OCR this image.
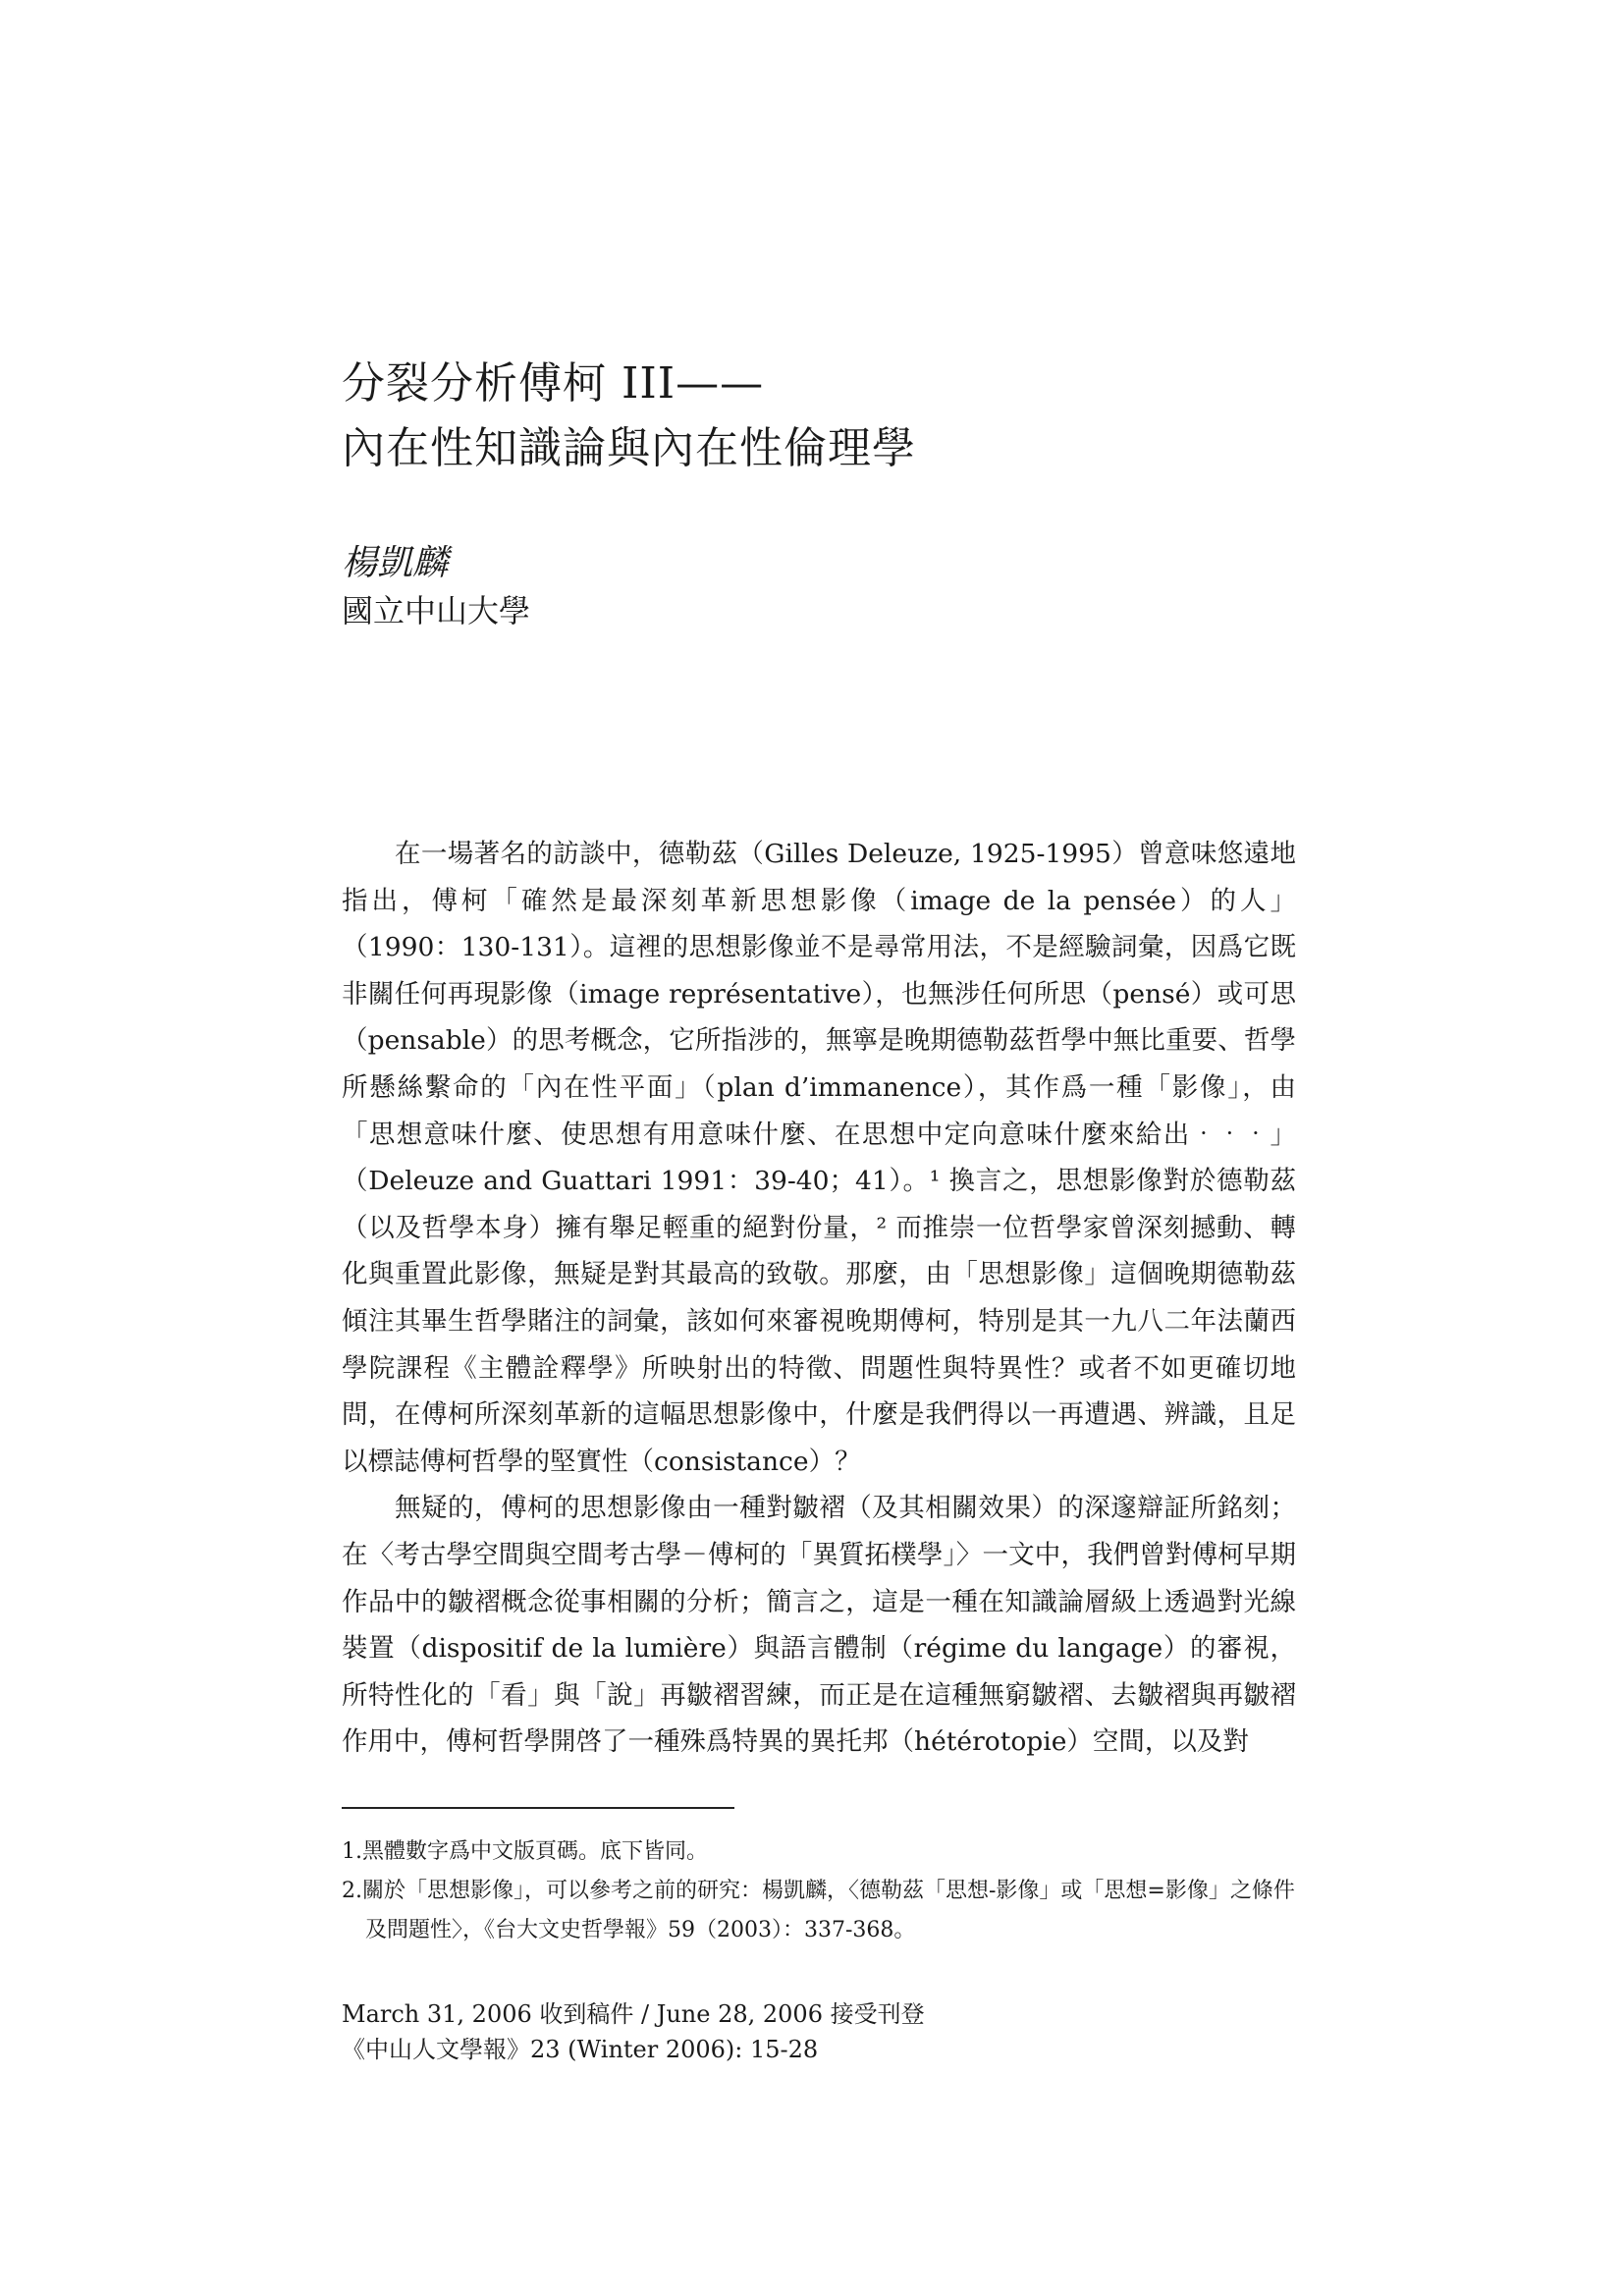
分裂分析傅柯 III——
內在性知識論與內在性倫理學
楊凱麟
國立中山大學

在一場著名的訪談中，德勒茲（Gilles Deleuze, 1925-1995）曾意味悠遠地指出，傅柯「確然是最深刻革新思想影像（image de la pensée）的人」（1990：130-131）。這裡的思想影像並不是尋常用法，不是經驗詞彙，因爲它既非關任何再現影像（image représentative），也無涉任何所思（pensé）或可思（pensable）的思考概念，它所指涉的，無寧是晚期德勒茲哲學中無比重要、哲學所懸絲繫命的「內在性平面」（plan d’immanence），其作爲一種「影像」，由「思想意味什麼、使思想有用意味什麼、在思想中定向意味什麼來給出‧‧‧」（Deleuze and Guattari 1991：39-40；41）。¹ 換言之，思想影像對於德勒茲（以及哲學本身）擁有舉足輕重的絕對份量，² 而推崇一位哲學家曾深刻撼動、轉化與重置此影像，無疑是對其最高的致敬。那麼，由「思想影像」這個晚期德勒茲傾注其畢生哲學賭注的詞彙，該如何來審視晚期傅柯，特別是其一九八二年法蘭西學院課程《主體詮釋學》所映射出的特徵、問題性與特異性？或者不如更確切地問，在傅柯所深刻革新的這幅思想影像中，什麼是我們得以一再遭遇、辨識，且足以標誌傅柯哲學的堅實性（consistance）？

無疑的，傅柯的思想影像由一種對皺褶（及其相關效果）的深邃辯証所銘刻；在〈考古學空間與空間考古學－傅柯的「異質拓樸學」〉一文中，我們曾對傅柯早期作品中的皺褶概念從事相關的分析；簡言之，這是一種在知識論層級上透過對光線裝置（dispositif de la lumière）與語言體制（régime du langage）的審視，所特性化的「看」與「說」再皺褶習練，而正是在這種無窮皺褶、去皺褶與再皺褶作用中，傅柯哲學開啓了一種殊爲特異的異托邦（hétérotopie）空間，以及對

1.黑體數字爲中文版頁碼。底下皆同。

2.關於「思想影像」，可以參考之前的研究：楊凱麟，〈德勒茲「思想-影像」或「思想=影像」之條件及問題性〉，《台大文史哲學報》59（2003）：337-368。

March 31, 2006 收到稿件 / June 28, 2006 接受刊登
《中山人文學報》23 (Winter 2006): 15-28
